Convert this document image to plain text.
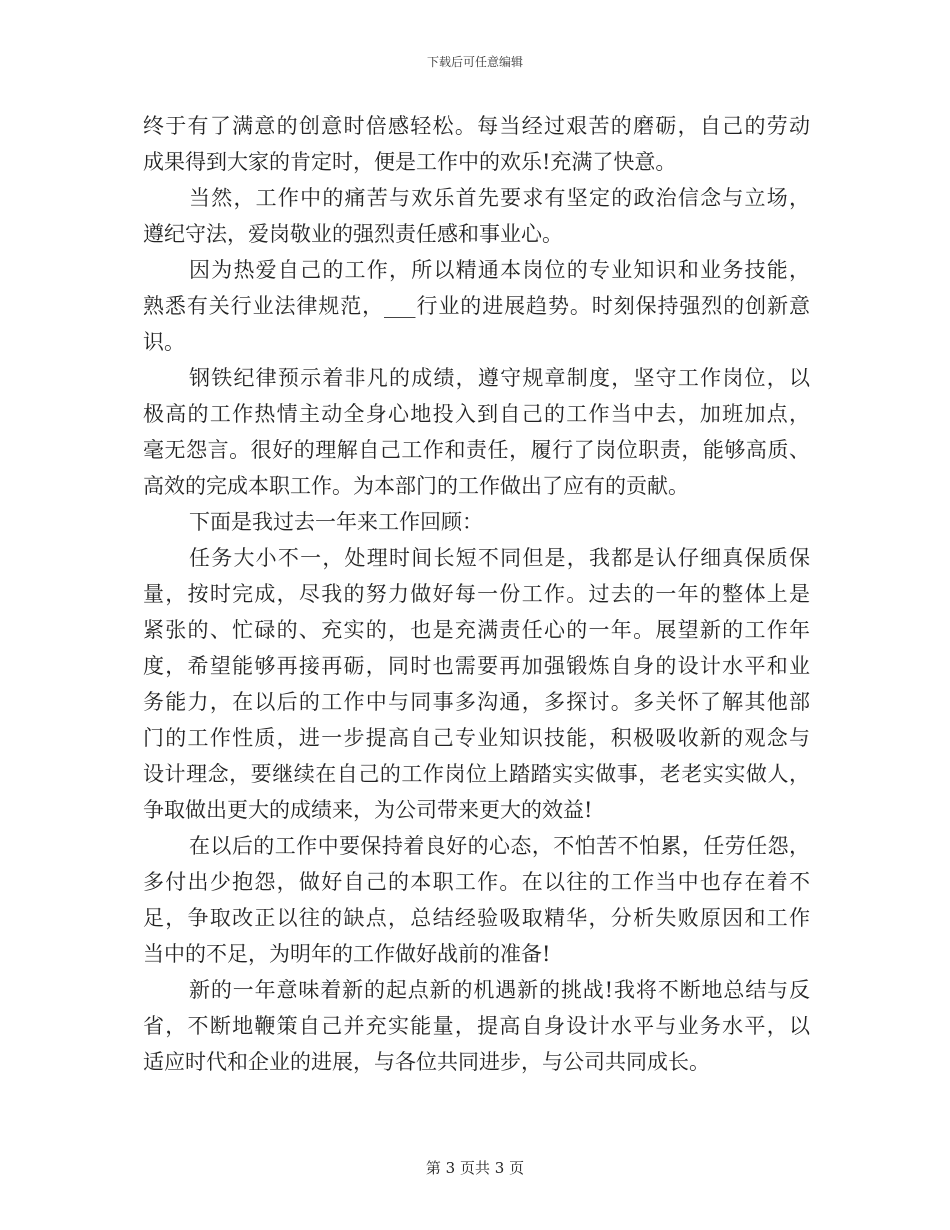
下载后可任意编辑
终于有了满意的创意时倍感轻松。每当经过艰苦的磨砺，自己的劳动
成果得到大家的肯定时，便是工作中的欢乐!充满了快意。
当然，工作中的痛苦与欢乐首先要求有坚定的政治信念与立场，
遵纪守法，爱岗敬业的强烈责任感和事业心。
因为热爱自己的工作，所以精通本岗位的专业知识和业务技能，
熟悉有关行业法律规范，___行业的进展趋势。时刻保持强烈的创新意
识。
钢铁纪律预示着非凡的成绩，遵守规章制度，坚守工作岗位，以
极高的工作热情主动全身心地投入到自己的工作当中去，加班加点，
毫无怨言。很好的理解自己工作和责任，履行了岗位职责，能够高质、
高效的完成本职工作。为本部门的工作做出了应有的贡献。
下面是我过去一年来工作回顾：
任务大小不一，处理时间长短不同但是，我都是认仔细真保质保
量，按时完成，尽我的努力做好每一份工作。过去的一年的整体上是
紧张的、忙碌的、充实的，也是充满责任心的一年。展望新的工作年
度，希望能够再接再砺，同时也需要再加强锻炼自身的设计水平和业
务能力，在以后的工作中与同事多沟通，多探讨。多关怀了解其他部
门的工作性质，进一步提高自己专业知识技能，积极吸收新的观念与
设计理念，要继续在自己的工作岗位上踏踏实实做事，老老实实做人，
争取做出更大的成绩来，为公司带来更大的效益!
在以后的工作中要保持着良好的心态，不怕苦不怕累，任劳任怨，
多付出少抱怨，做好自己的本职工作。在以往的工作当中也存在着不
足，争取改正以往的缺点，总结经验吸取精华，分析失败原因和工作
当中的不足，为明年的工作做好战前的准备!
新的一年意味着新的起点新的机遇新的挑战!我将不断地总结与反
省，不断地鞭策自己并充实能量，提高自身设计水平与业务水平，以
适应时代和企业的进展，与各位共同进步，与公司共同成长。
第 3 页共 3 页
